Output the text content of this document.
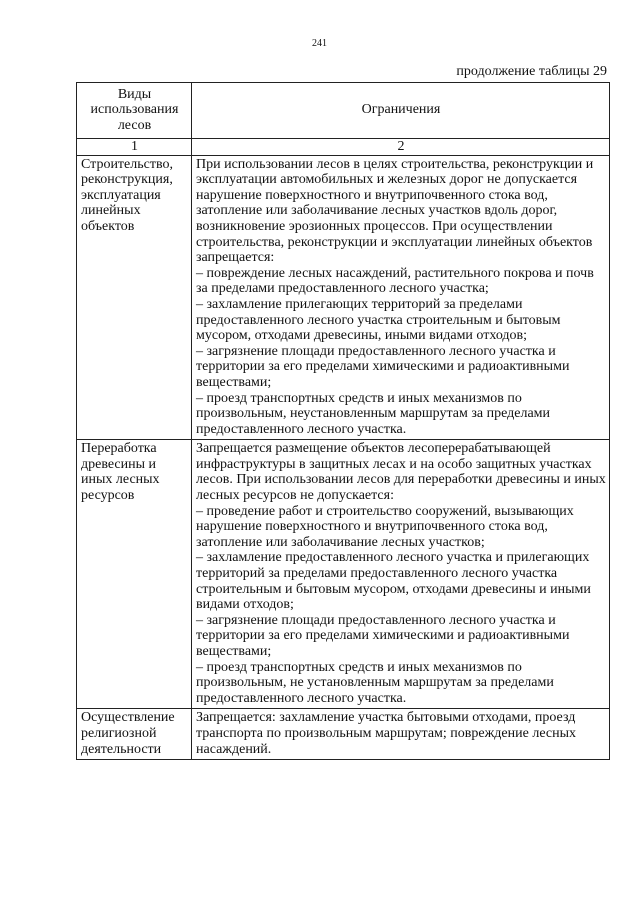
241
продолжение таблицы 29
Виды использования лесов	Ограничения
1	2
Строительство, реконструкция, эксплуатация линейных объектов	При использовании лесов в целях строительства, реконструкции и эксплуатации автомобильных и железных дорог не допускается нарушение поверхностного и внутрипочвенного стока вод, затопление или заболачивание лесных участков вдоль дорог, возникновение эрозионных процессов. При осуществлении строительства, реконструкции и эксплуатации линейных объектов запрещается:
– повреждение лесных насаждений, растительного покрова и почв за пределами предоставленного лесного участка;
– захламление прилегающих территорий за пределами предоставленного лесного участка строительным и бытовым мусором, отходами древесины, иными видами отходов;
– загрязнение площади предоставленного лесного участка и территории за его пределами химическими и радиоактивными веществами;
– проезд транспортных средств и иных механизмов по произвольным, неустановленным маршрутам за пределами предоставленного лесного участка.

Переработка древесины и иных лесных ресурсов	Запрещается размещение объектов лесоперерабатывающей инфраструктуры в защитных лесах и на особо защитных участках лесов. При использовании лесов для переработки древесины и иных лесных ресурсов не допускается:
– проведение работ и строительство сооружений, вызывающих нарушение поверхностного и внутрипочвенного стока вод, затопление или заболачивание лесных участков;
– захламление предоставленного лесного участка и прилегающих территорий за пределами предоставленного лесного участка строительным и бытовым мусором, отходами древесины и иными видами отходов;
– загрязнение площади предоставленного лесного участка и территории за его пределами химическими и радиоактивными веществами;
– проезд транспортных средств и иных механизмов по произвольным, не установленным маршрутам за пределами предоставленного лесного участка.

Осуществление религиозной деятельности	Запрещается: захламление участка бытовыми отходами, проезд транспорта по произвольным маршрутам; повреждение лесных насаждений.
